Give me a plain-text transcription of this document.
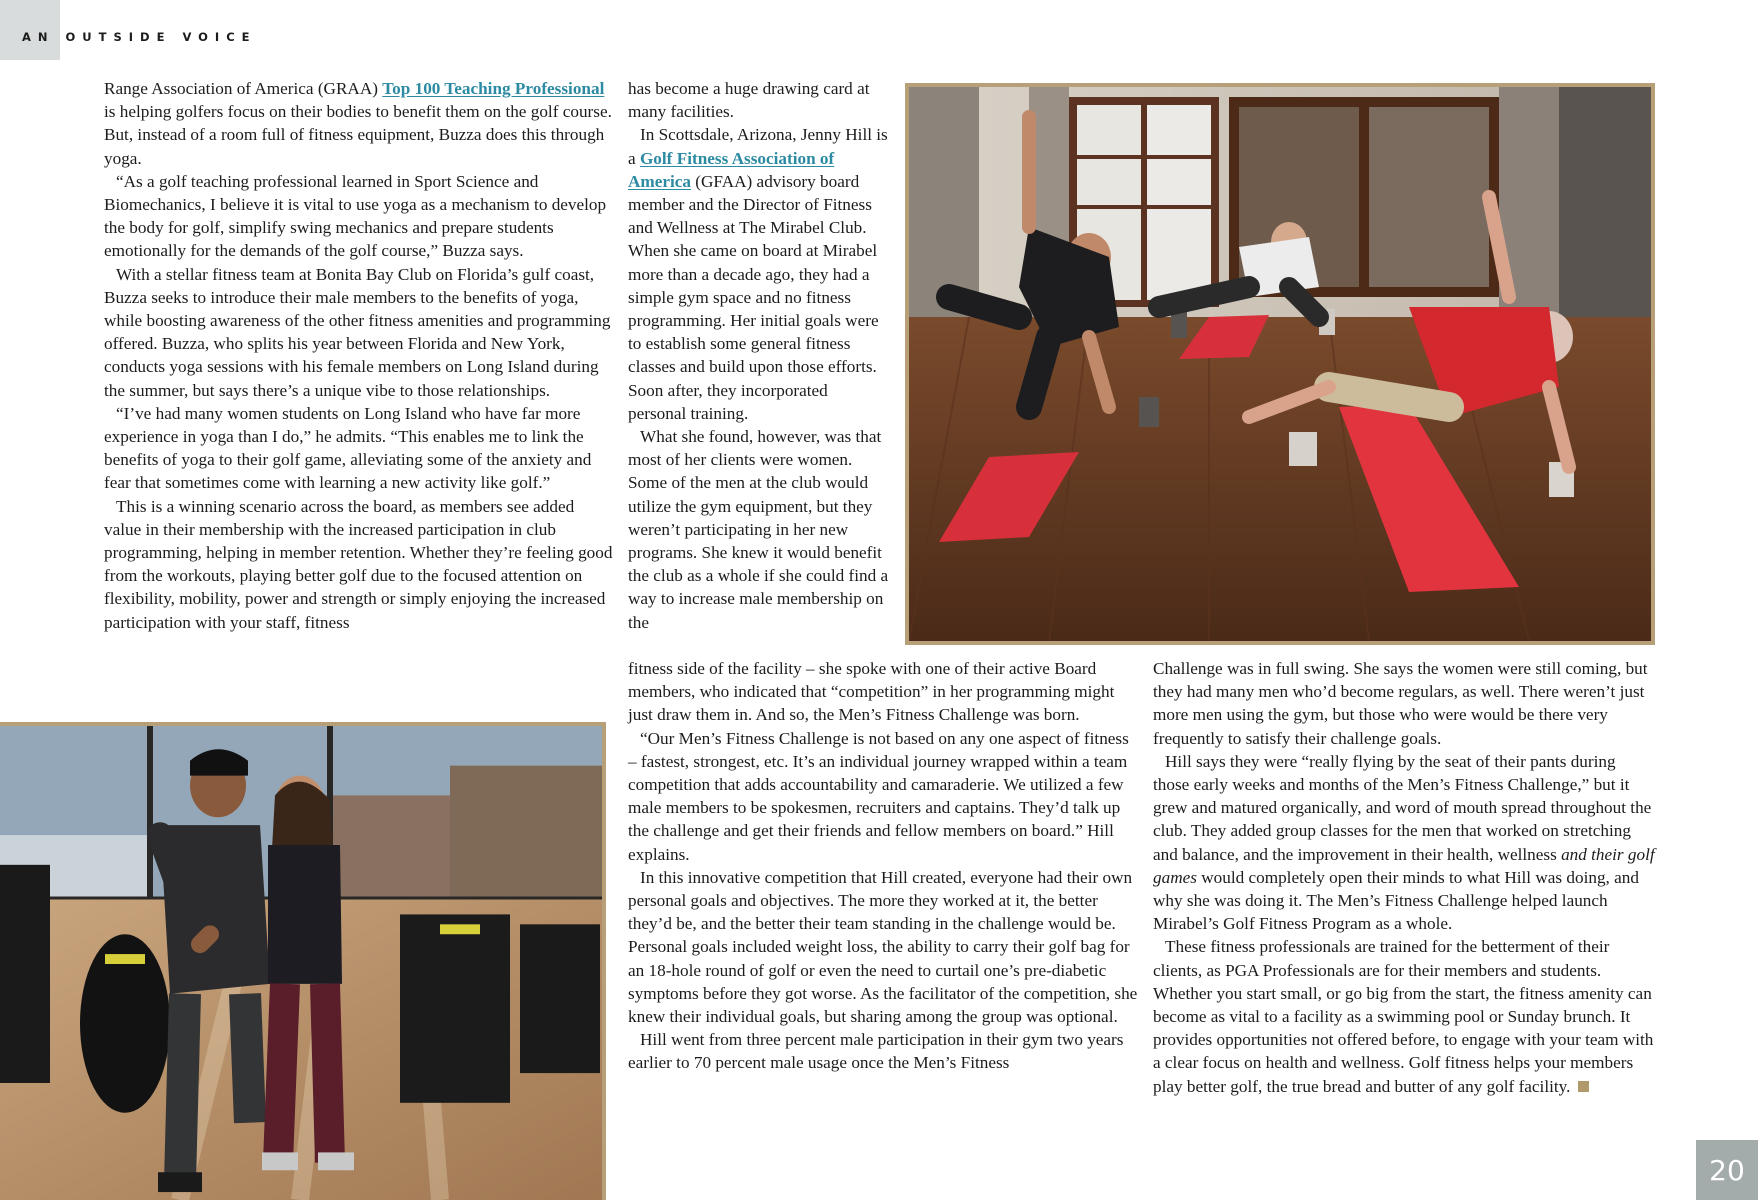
AN OUTSIDE VOICE

Range Association of America (GRAA) Top 100 Teaching Professional is helping golfers focus on their bodies to benefit them on the golf course. But, instead of a room full of fitness equipment, Buzza does this through yoga.

“As a golf teaching professional learned in Sport Science and Biomechanics, I believe it is vital to use yoga as a mechanism to develop the body for golf, simplify swing mechanics and prepare students emotionally for the demands of the golf course,” Buzza says.

With a stellar fitness team at Bonita Bay Club on Florida’s gulf coast, Buzza seeks to introduce their male members to the benefits of yoga, while boosting awareness of the other fitness amenities and programming offered. Buzza, who splits his year between Florida and New York, conducts yoga sessions with his female members on Long Island during the summer, but says there’s a unique vibe to those relationships.

“I’ve had many women students on Long Island who have far more experience in yoga than I do,” he admits. “This enables me to link the benefits of yoga to their golf game, alleviating some of the anxiety and fear that sometimes come with learning a new activity like golf.”

This is a winning scenario across the board, as members see added value in their membership with the increased participation in club programming, helping in member retention. Whether they’re feeling good from the workouts, playing better golf due to the focused attention on flexibility, mobility, power and strength or simply enjoying the increased participation with your staff, fitness

has become a huge drawing card at many facilities.

In Scottsdale, Arizona, Jenny Hill is a Golf Fitness Association of America (GFAA) advisory board member and the Director of Fitness and Wellness at The Mirabel Club. When she came on board at Mirabel more than a decade ago, they had a simple gym space and no fitness programming. Her initial goals were to establish some general fitness classes and build upon those efforts. Soon after, they incorporated personal training.

What she found, however, was that most of her clients were women. Some of the men at the club would utilize the gym equipment, but they weren’t participating in her new programs. She knew it would benefit the club as a whole if she could find a way to increase male membership on the

fitness side of the facility – she spoke with one of their active Board members, who indicated that “competition” in her programming might just draw them in. And so, the Men’s Fitness Challenge was born.

“Our Men’s Fitness Challenge is not based on any one aspect of fitness – fastest, strongest, etc. It’s an individual journey wrapped within a team competition that adds accountability and camaraderie. We utilized a few male members to be spokesmen, recruiters and captains. They’d talk up the challenge and get their friends and fellow members on board.” Hill explains.

In this innovative competition that Hill created, everyone had their own personal goals and objectives. The more they worked at it, the better they’d be, and the better their team standing in the challenge would be. Personal goals included weight loss, the ability to carry their golf bag for an 18-hole round of golf or even the need to curtail one’s pre-diabetic symptoms before they got worse. As the facilitator of the competition, she knew their individual goals, but sharing among the group was optional.

Hill went from three percent male participation in their gym two years earlier to 70 percent male usage once the Men’s Fitness

Challenge was in full swing. She says the women were still coming, but they had many men who’d become regulars, as well. There weren’t just more men using the gym, but those who were would be there very frequently to satisfy their challenge goals.

Hill says they were “really flying by the seat of their pants during those early weeks and months of the Men’s Fitness Challenge,” but it grew and matured organically, and word of mouth spread throughout the club. They added group classes for the men that worked on stretching and balance, and the improvement in their health, wellness and their golf games would completely open their minds to what Hill was doing, and why she was doing it. The Men’s Fitness Challenge helped launch Mirabel’s Golf Fitness Program as a whole.

These fitness professionals are trained for the betterment of their clients, as PGA Professionals are for their members and students. Whether you start small, or go big from the start, the fitness amenity can become as vital to a facility as a swimming pool or Sunday brunch. It provides opportunities not offered before, to engage with your team with a clear focus on health and wellness. Golf fitness helps your members play better golf, the true bread and butter of any golf facility.

20
